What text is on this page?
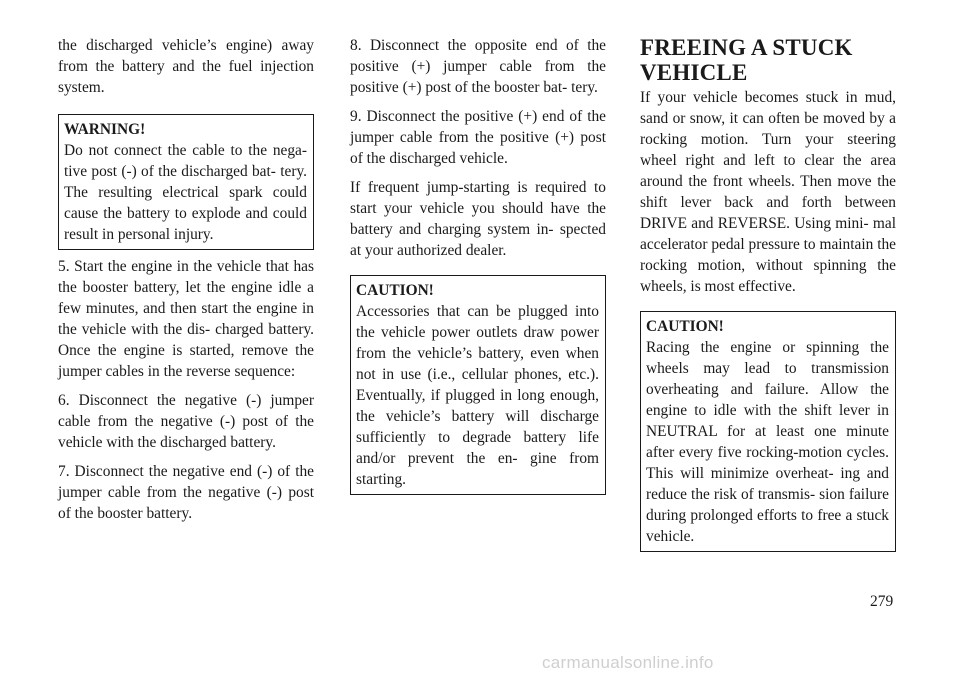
the discharged vehicle’s engine) away from the battery and the fuel injection system.

WARNING!

Do not connect the cable to the nega- tive post (-) of the discharged bat- tery. The resulting electrical spark could cause the battery to explode and could result in personal injury.

5. Start the engine in the vehicle that has the booster battery, let the engine idle a few minutes, and then start the engine in the vehicle with the dis- charged battery. Once the engine is started, remove the jumper cables in the reverse sequence:

6. Disconnect the negative (-) jumper cable from the negative (-) post of the vehicle with the discharged battery.

7. Disconnect the negative end (-) of the jumper cable from the negative (-) post of the booster battery.

8. Disconnect the opposite end of the positive (+) jumper cable from the positive (+) post of the booster bat- tery.

9. Disconnect the positive (+) end of the jumper cable from the positive (+) post of the discharged vehicle.

If frequent jump-starting is required to start your vehicle you should have the battery and charging system in- spected at your authorized dealer.

CAUTION!

Accessories that can be plugged into the vehicle power outlets draw power from the vehicle’s battery, even when not in use (i.e., cellular phones, etc.). Eventually, if plugged in long enough, the vehicle’s battery will discharge sufficiently to degrade battery life and/or prevent the en- gine from starting.

FREEING A STUCK VEHICLE

If your vehicle becomes stuck in mud, sand or snow, it can often be moved by a rocking motion. Turn your steering wheel right and left to clear the area around the front wheels. Then move the shift lever back and forth between DRIVE and REVERSE. Using mini- mal accelerator pedal pressure to maintain the rocking motion, without spinning the wheels, is most effective.

CAUTION!

Racing the engine or spinning the wheels may lead to transmission overheating and failure. Allow the engine to idle with the shift lever in NEUTRAL for at least one minute after every five rocking-motion cycles. This will minimize overheat- ing and reduce the risk of transmis- sion failure during prolonged efforts to free a stuck vehicle.

279
carmanualsonline.info
